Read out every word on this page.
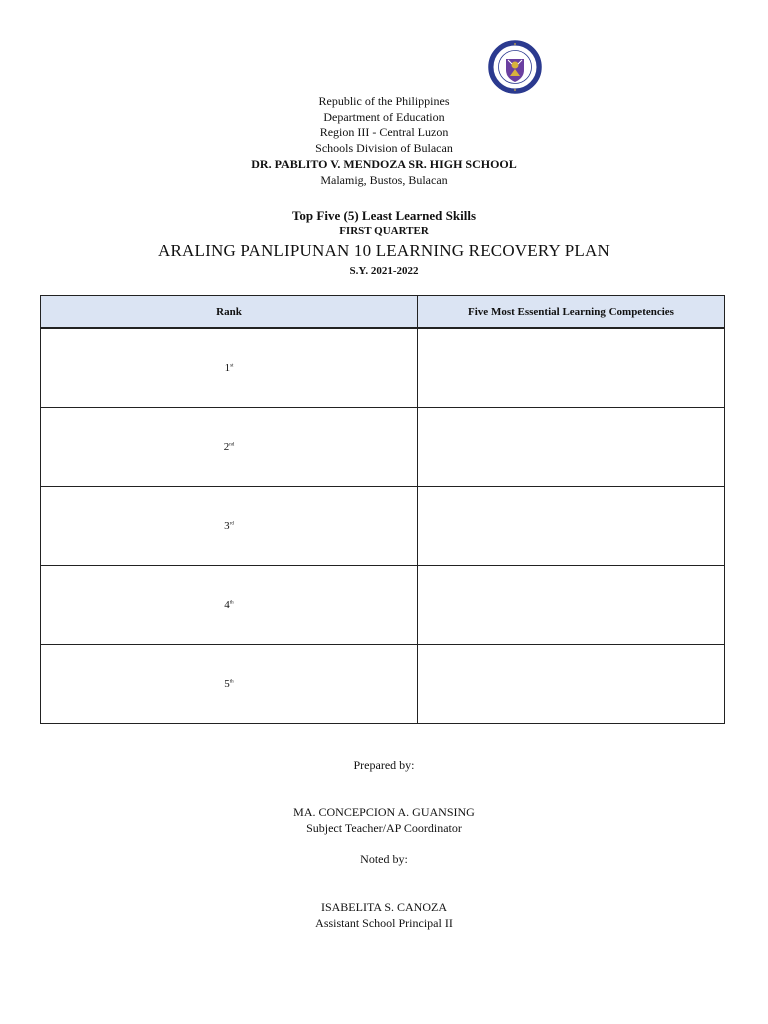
Republic of the Philippines
Department of Education
Region III - Central Luzon
Schools Division of Bulacan
DR. PABLITO V. MENDOZA SR. HIGH SCHOOL
Malamig, Bustos, Bulacan
Top Five (5) Least Learned Skills
FIRST QUARTER
ARALING PANLIPUNAN 10 LEARNING RECOVERY PLAN
S.Y. 2021-2022
Rank	Five Most Essential Learning Competencies
1st	
2nd	
3rd	
4th	
5th	
Prepared by:
MA. CONCEPCION A. GUANSING
Subject Teacher/AP Coordinator
Noted by:
ISABELITA S. CANOZA
Assistant School Principal II
